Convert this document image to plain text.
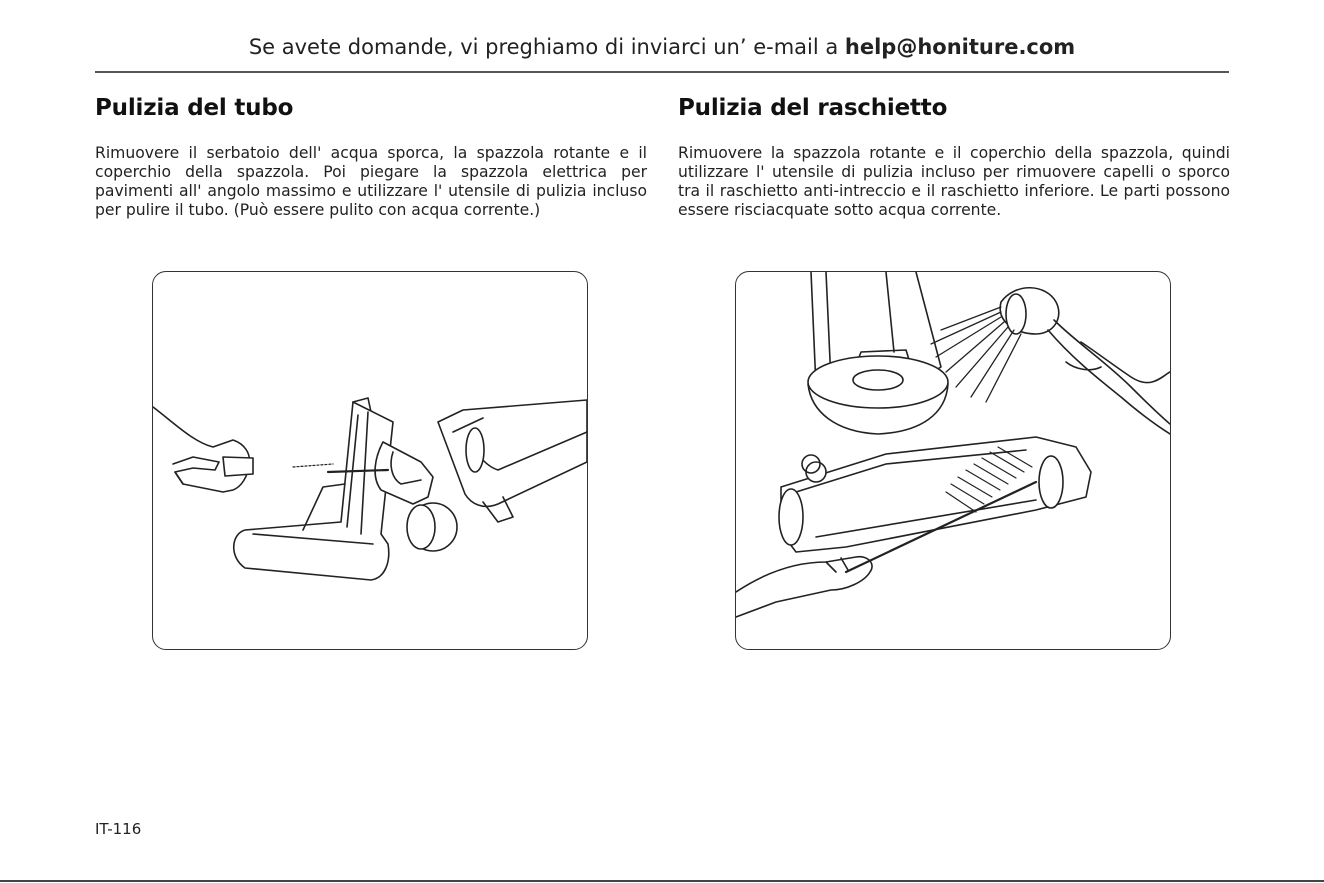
Se avete domande, vi preghiamo di inviarci un’ e-mail a help@honiture.com
Pulizia del tubo

Rimuovere il serbatoio dell' acqua sporca, la spazzola rotante e il coperchio della spazzola. Poi piegare la spazzola elettrica per pavimenti all' angolo massimo e utilizzare l' utensile di pulizia incluso per pulire il tubo. (Può essere pulito con acqua corrente.)

Pulizia del raschietto

Rimuovere la spazzola rotante e il coperchio della spazzola, quindi utilizzare l' utensile di pulizia incluso per rimuovere capelli o sporco tra il raschietto anti-intreccio e il raschietto inferiore. Le parti possono essere risciacquate sotto acqua corrente.

IT-116
